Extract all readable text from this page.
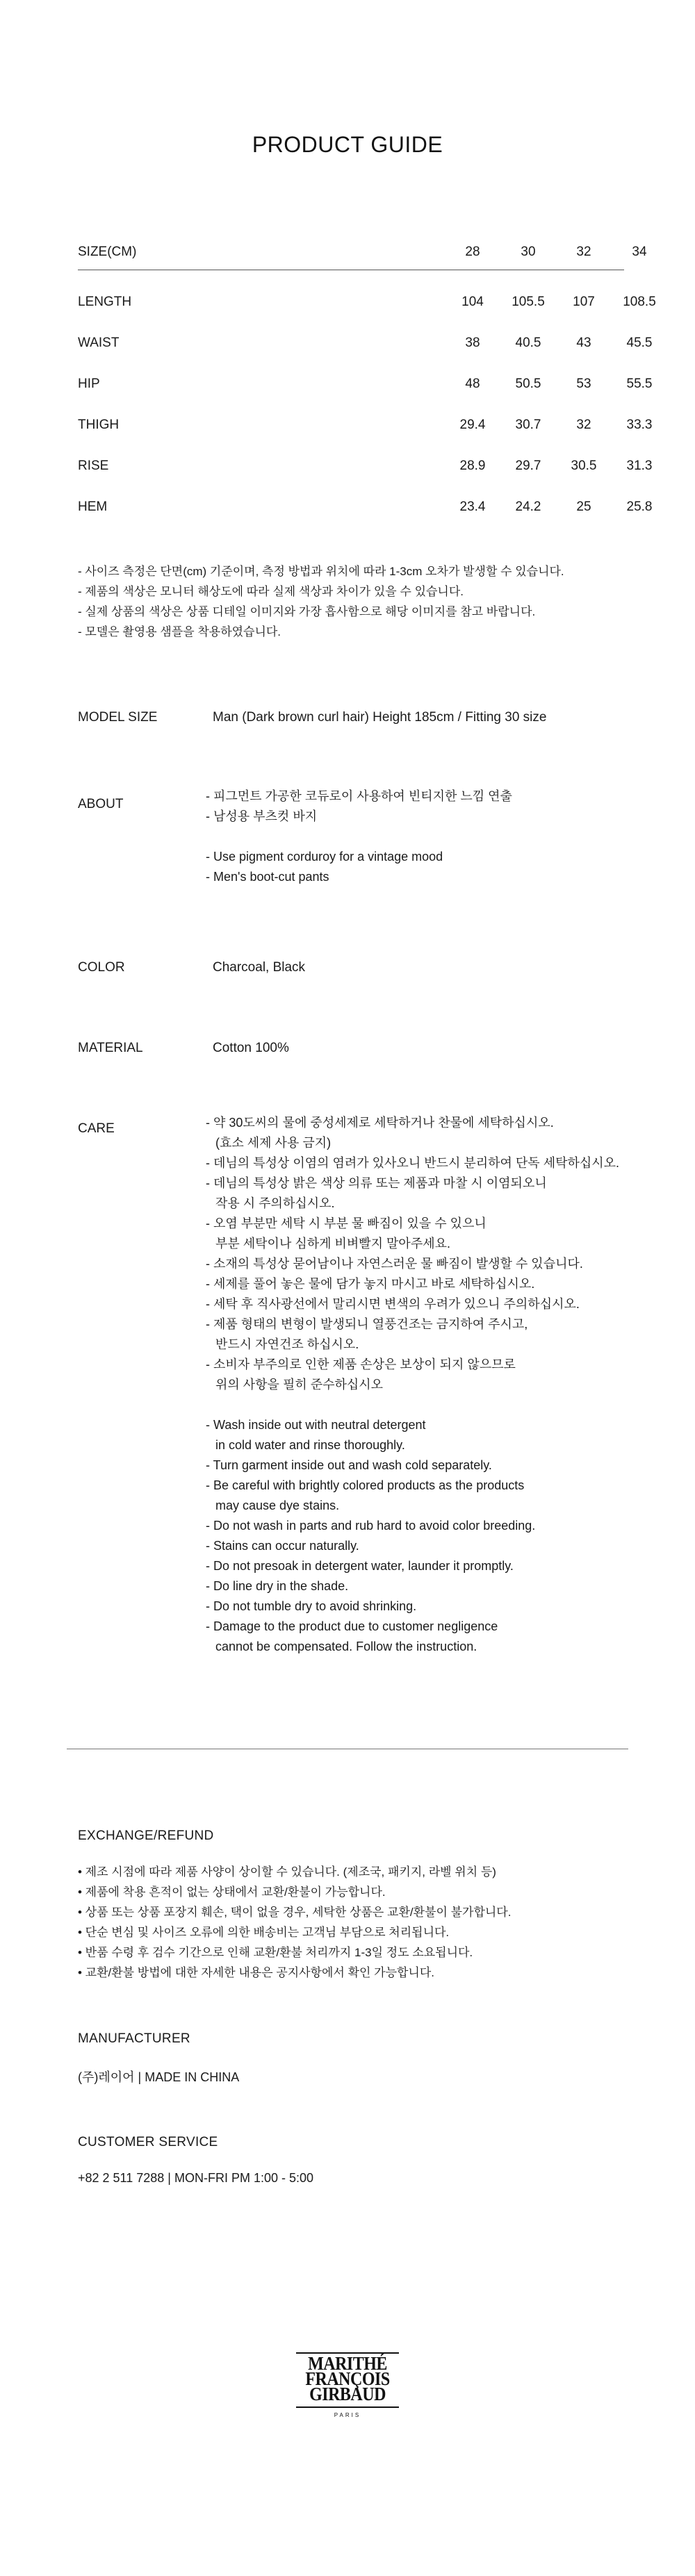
PRODUCT GUIDE
SIZE(CM)	28	30	32	34
LENGTH	104	105.5	107	108.5
WAIST	38	40.5	43	45.5
HIP	48	50.5	53	55.5
THIGH	29.4	30.7	32	33.3
RISE	28.9	29.7	30.5	31.3
HEM	23.4	24.2	25	25.8
- 사이즈 측정은 단면(cm) 기준이며, 측정 방법과 위치에 따라 1-3cm 오차가 발생할 수 있습니다.
- 제품의 색상은 모니터 해상도에 따라 실제 색상과 차이가 있을 수 있습니다.
- 실제 상품의 색상은 상품 디테일 이미지와 가장 흡사함으로 해당 이미지를 참고 바랍니다.
- 모델은 촬영용 샘플을 착용하였습니다.
MODEL SIZE	Man (Dark brown curl hair) Height 185cm / Fitting 30 size
ABOUT
- 피그먼트 가공한 코듀로이 사용하여 빈티지한 느낌 연출
- 남성용 부츠컷 바지
- Use pigment corduroy for a vintage mood
- Men's boot-cut pants
COLOR	Charcoal, Black
MATERIAL	Cotton 100%
CARE	- 약 30도씨의 물에 중성세제로 세탁하거나 찬물에 세탁하십시오.
(효소 세제 사용 금지)
- 데님의 특성상 이염의 염려가 있사오니 반드시 분리하여 단독 세탁하십시오.
- 데님의 특성상 밝은 색상 의류 또는 제품과 마찰 시 이염되오니
작용 시 주의하십시오.
- 오염 부분만 세탁 시 부분 물 빠짐이 있을 수 있으니
부분 세탁이나 심하게 비벼빨지 말아주세요.
- 소재의 특성상 묻어남이나 자연스러운 물 빠짐이 발생할 수 있습니다.
- 세제를 풀어 놓은 물에 담가 놓지 마시고 바로 세탁하십시오.
- 세탁 후 직사광선에서 말리시면 변색의 우려가 있으니 주의하십시오.
- 제품 형태의 변형이 발생되니 열풍건조는 금지하여 주시고,
반드시 자연건조 하십시오.
- 소비자 부주의로 인한 제품 손상은 보상이 되지 않으므로
위의 사항을 필히 준수하십시오
- Wash inside out with neutral detergent
in cold water and rinse thoroughly.
- Turn garment inside out and wash cold separately.
- Be careful with brightly colored products as the products
may cause dye stains.
- Do not wash in parts and rub hard to avoid color breeding.
- Stains can occur naturally.
- Do not presoak in detergent water, launder it promptly.
- Do line dry in the shade.
- Do not tumble dry to avoid shrinking.
- Damage to the product due to customer negligence
cannot be compensated. Follow the instruction.
EXCHANGE/REFUND
• 제조 시점에 따라 제품 사양이 상이할 수 있습니다. (제조국, 패키지, 라벨 위치 등)
• 제품에 착용 흔적이 없는 상태에서 교환/환불이 가능합니다.
• 상품 또는 상품 포장지 훼손, 택이 없을 경우, 세탁한 상품은 교환/환불이 불가합니다.
• 단순 변심 및 사이즈 오류에 의한 배송비는 고객님 부담으로 처리됩니다.
• 반품 수령 후 검수 기간으로 인해 교환/환불 처리까지 1-3일 정도 소요됩니다.
• 교환/환불 방법에 대한 자세한 내용은 공지사항에서 확인 가능합니다.
MANUFACTURER
(주)레이어 | MADE IN CHINA
CUSTOMER SERVICE
+82 2 511 7288 | MON-FRI PM 1:00 - 5:00
MARITHÉ
FRANÇOIS
GIRBAUD
PARIS
